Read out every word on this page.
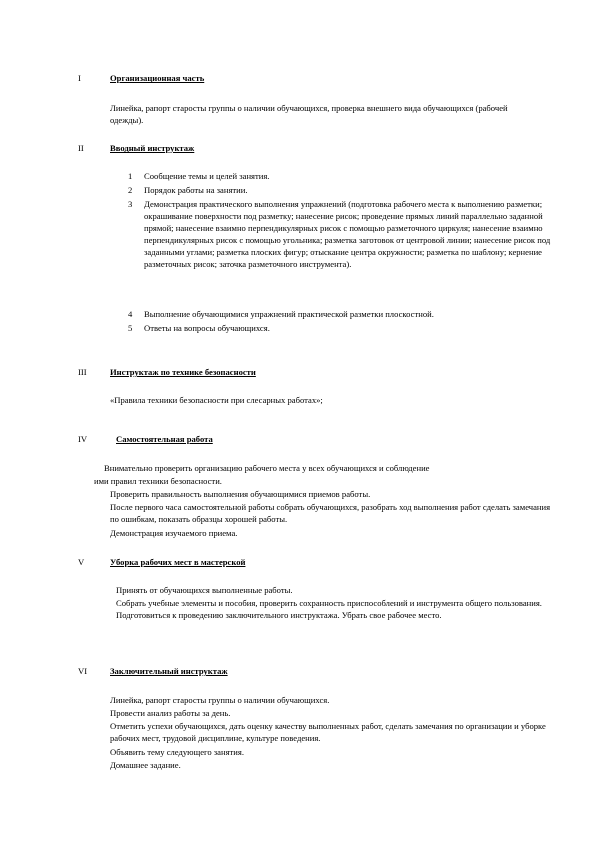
I	Организационная часть
Линейка, рапорт старосты группы о наличии обучающихся, проверка внешнего вида обучающихся (рабочей одежды).
II	Вводный инструктаж
1 Сообщение темы и целей занятия.
2 Порядок работы на занятии.
3 Демонстрация практического выполнения упражнений (подготовка рабочего места к выполнению разметки; окрашивание поверхности под разметку; нанесение рисок; проведение прямых линий параллельно заданной прямой; нанесение взаимно перпендикулярных рисок с помощью разметочного циркуля; нанесение взаимно перпендикулярных рисок с помощью угольника; разметка заготовок от центровой линии; нанесение рисок под заданными углами; разметка плоских фигур; отыскание центра окружности; разметка по шаблону; кернение разметочных рисок; заточка разметочного инструмента).
4 Выполнение обучающимися упражнений практической разметки плоскостной.
5 Ответы на вопросы обучающихся.
III	Инструктаж по технике безопасности
«Правила техники безопасности при слесарных работах»;
IV	Самостоятельная работа
Внимательно проверить организацию рабочего места у всех обучающихся и соблюдение
ими правил техники безопасности.
Проверить правильность выполнения обучающимися приемов работы.
После первого часа самостоятельной работы собрать обучающихся, разобрать ход выполнения работ сделать замечания по ошибкам, показать образцы хорошей работы.
Демонстрация изучаемого приема.
V	Уборка рабочих мест в мастерской
Принять от обучающихся выполненные работы.
Собрать учебные элементы и пособия, проверить сохранность приспособлений и инструмента общего пользования. Подготовиться к проведению заключительного инструктажа. Убрать свое рабочее место.
VI	Заключительный инструктаж
Линейка, рапорт старосты группы о наличии обучающихся.
Провести анализ работы за день.
Отметить успехи обучающихся, дать оценку качеству выполненных работ, сделать замечания по организации и уборке рабочих мест, трудовой дисциплине, культуре поведения.
Объявить тему следующего занятия.
Домашнее задание.
